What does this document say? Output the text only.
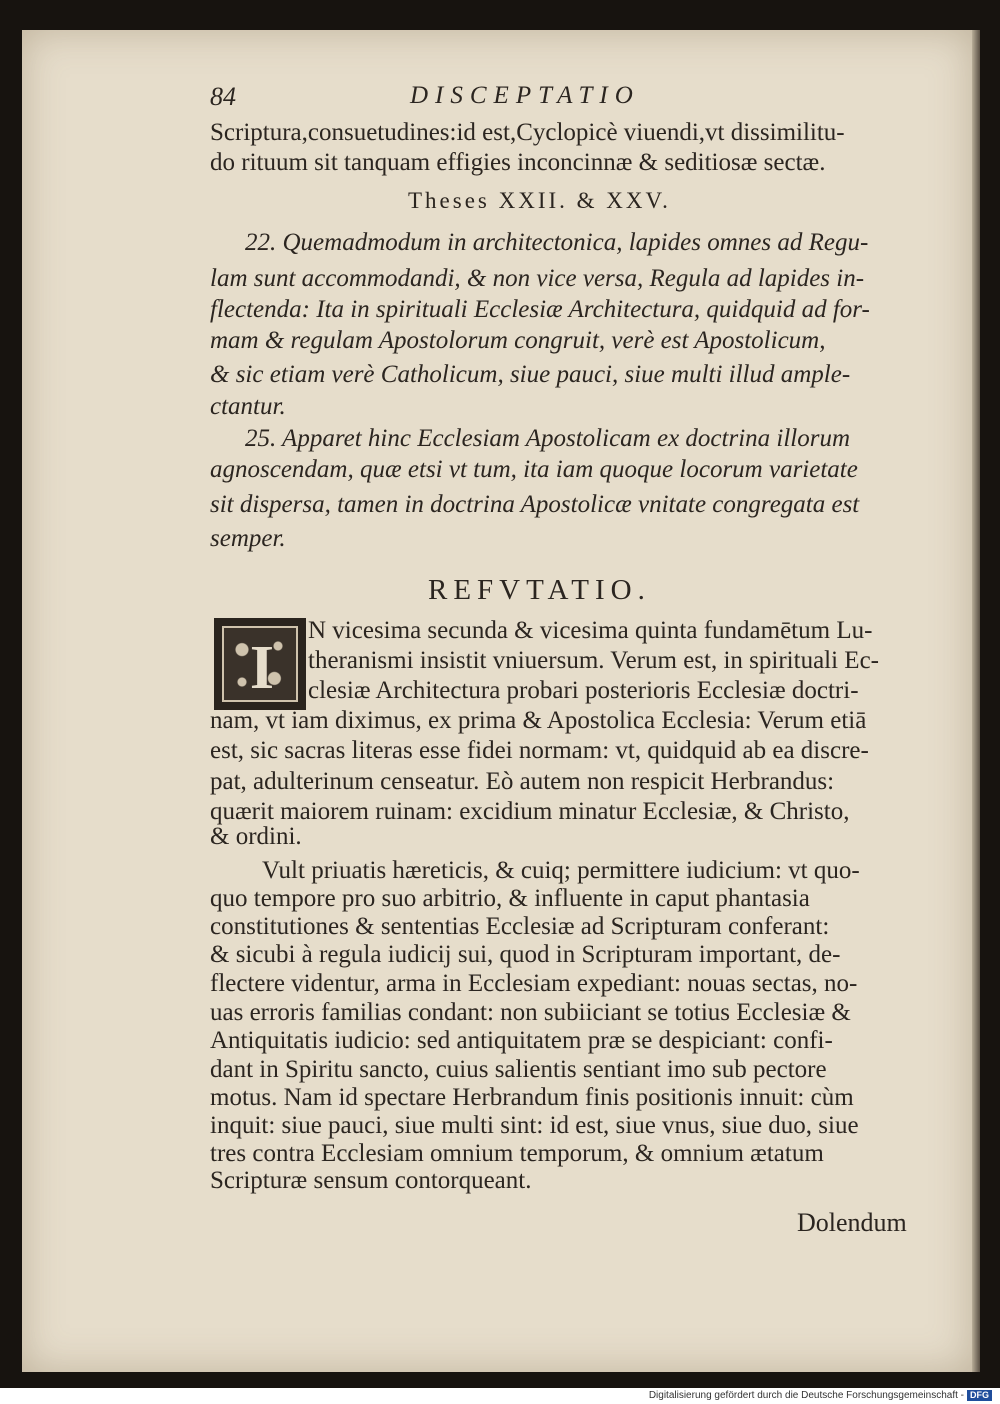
84	DISCEPTATIO
Scriptura,consuetudines:id est,Cyclopicè viuendi,vt dissimilitu-
do rituum sit tanquam effigies inconcinnæ & seditiosæ sectæ.
Theses XXII. & XXV.
22. Quemadmodum in architectonica, lapides omnes ad Regu-
lam sunt accommodandi, & non vice versa, Regula ad lapides in-
flectenda: Ita in spirituali Ecclesiæ Architectura, quidquid ad for-
mam & regulam Apostolorum congruit, verè est Apostolicum,
& sic etiam verè Catholicum, siue pauci, siue multi illud ample-
ctantur.
25. Apparet hinc Ecclesiam Apostolicam ex doctrina illorum
agnoscendam, quæ etsi vt tum, ita iam quoque locorum varietate
sit dispersa, tamen in doctrina Apostolicæ vnitate congregata est
semper.
REFVTATIO.
I
N vicesima secunda & vicesima quinta fundamētum Lu-
theranismi insistit vniuersum. Verum est, in spirituali Ec-
clesiæ Architectura probari posterioris Ecclesiæ doctri-
nam, vt iam diximus, ex prima & Apostolica Ecclesia: Verum etiā
est, sic sacras literas esse fidei normam: vt, quidquid ab ea discre-
pat, adulterinum censeatur. Eò autem non respicit Herbrandus:
quærit maiorem ruinam: excidium minatur Ecclesiæ, & Christo,
& ordini.
Vult priuatis hæreticis, & cuiq; permittere iudicium: vt quo-
quo tempore pro suo arbitrio, & influente in caput phantasia
constitutiones & sententias Ecclesiæ ad Scripturam conferant:
& sicubi à regula iudicij sui, quod in Scripturam important, de-
flectere videntur, arma in Ecclesiam expediant: nouas sectas, no-
uas erroris familias condant: non subiiciant se totius Ecclesiæ &
Antiquitatis iudicio: sed antiquitatem præ se despiciant: confi-
dant in Spiritu sancto, cuius salientis sentiant imo sub pectore
motus. Nam id spectare Herbrandum finis positionis innuit: cùm
inquit: siue pauci, siue multi sint: id est, siue vnus, siue duo, siue
tres contra Ecclesiam omnium temporum, & omnium ætatum
Scripturæ sensum contorqueant.
Dolendum
Digitalisierung gefördert durch die Deutsche Forschungsgemeinschaft - DFG
